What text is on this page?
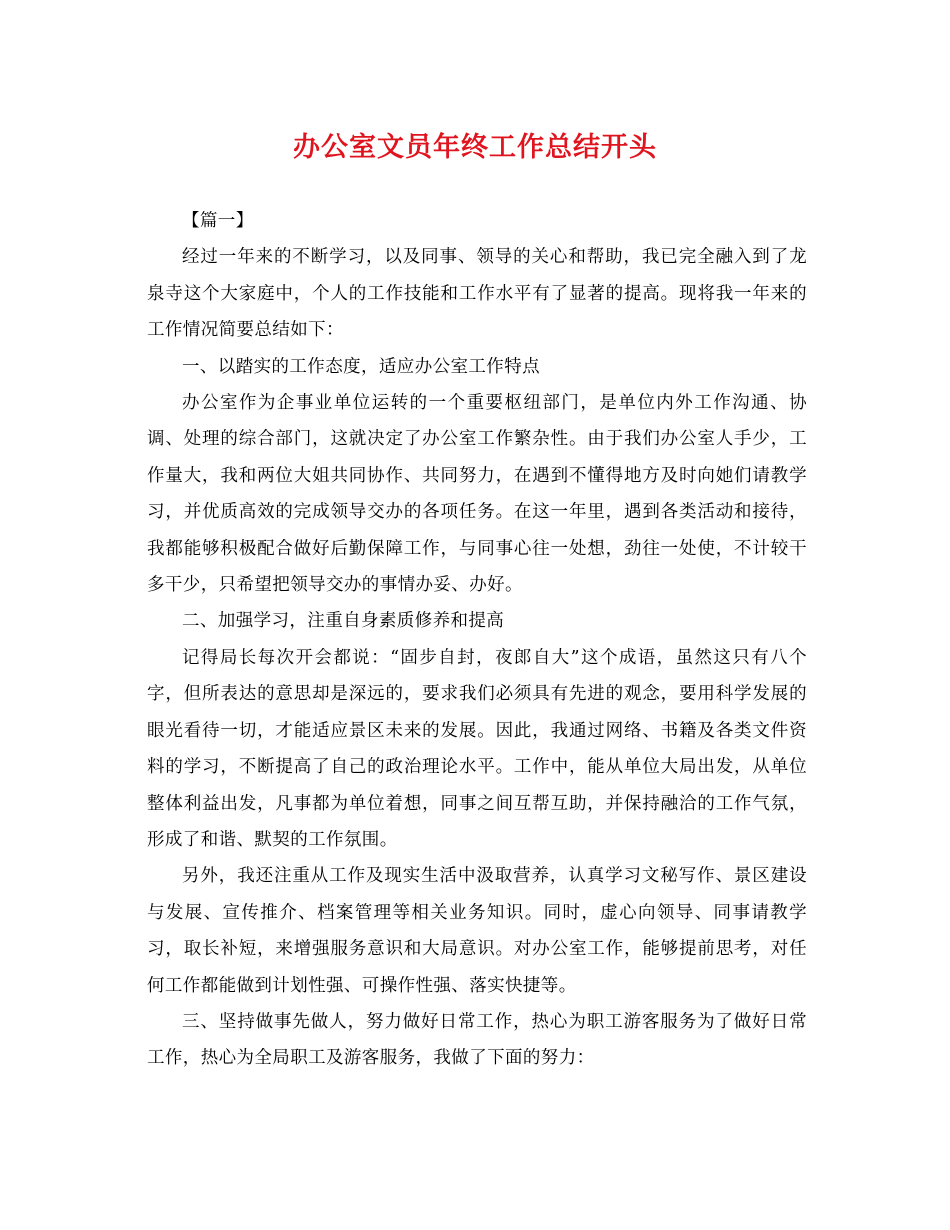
办公室文员年终工作总结开头

【篇一】

经过一年来的不断学习，以及同事、领导的关心和帮助，我已完全融入到了龙泉寺这个大家庭中，个人的工作技能和工作水平有了显著的提高。现将我一年来的工作情况简要总结如下：

一、以踏实的工作态度，适应办公室工作特点

办公室作为企事业单位运转的一个重要枢纽部门，是单位内外工作沟通、协调、处理的综合部门，这就决定了办公室工作繁杂性。由于我们办公室人手少，工作量大，我和两位大姐共同协作、共同努力，在遇到不懂得地方及时向她们请教学习，并优质高效的完成领导交办的各项任务。在这一年里，遇到各类活动和接待，我都能够积极配合做好后勤保障工作，与同事心往一处想，劲往一处使，不计较干多干少，只希望把领导交办的事情办妥、办好。

二、加强学习，注重自身素质修养和提高

记得局长每次开会都说：“固步自封，夜郎自大”这个成语，虽然这只有八个字，但所表达的意思却是深远的，要求我们必须具有先进的观念，要用科学发展的眼光看待一切，才能适应景区未来的发展。因此，我通过网络、书籍及各类文件资料的学习，不断提高了自己的政治理论水平。工作中，能从单位大局出发，从单位整体利益出发，凡事都为单位着想，同事之间互帮互助，并保持融洽的工作气氛，形成了和谐、默契的工作氛围。

另外，我还注重从工作及现实生活中汲取营养，认真学习文秘写作、景区建设与发展、宣传推介、档案管理等相关业务知识。同时，虚心向领导、同事请教学习，取长补短，来增强服务意识和大局意识。对办公室工作，能够提前思考，对任何工作都能做到计划性强、可操作性强、落实快捷等。

三、坚持做事先做人，努力做好日常工作，热心为职工游客服务为了做好日常工作，热心为全局职工及游客服务，我做了下面的努力：
